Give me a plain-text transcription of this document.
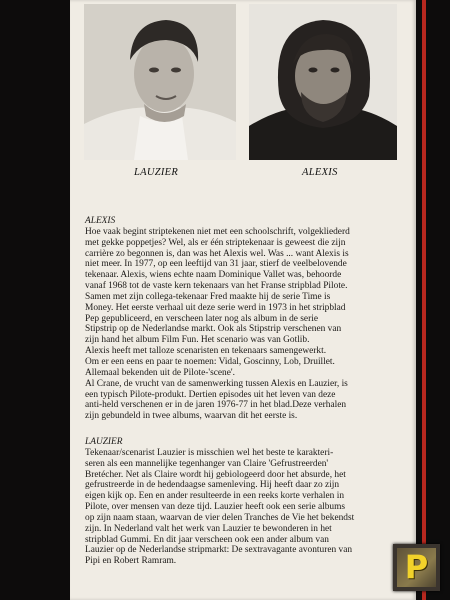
LAUZIER	ALEXIS

ALEXIS

Hoe vaak begint striptekenen niet met een schoolschrift, volgekliederd

met gekke poppetjes? Wel, als er één striptekenaar is geweest die zijn

carrière zo begonnen is, dan was het Alexis wel. Was ... want Alexis is

niet meer. In 1977, op een leeftijd van 31 jaar, stierf de veelbelovende

tekenaar. Alexis, wiens echte naam Dominique Vallet was, behoorde

vanaf 1968 tot de vaste kern tekenaars van het Franse stripblad Pilote.

Samen met zijn collega-tekenaar Fred maakte hij de serie Time is

Money. Het eerste verhaal uit deze serie werd in 1973 in het stripblad

Pep gepubliceerd, en verscheen later nog als album in de serie

Stipstrip op de Nederlandse markt. Ook als Stipstrip verschenen van

zijn hand het album Film Fun. Het scenario was van Gotlib.

Alexis heeft met talloze scenaristen en tekenaars samengewerkt.

Om er een eens en paar te noemen: Vidal, Goscinny, Lob, Druillet.

Allemaal bekenden uit de Pilote-'scene'.

Al Crane, de vrucht van de samenwerking tussen Alexis en Lauzier, is

een typisch Pilote-produkt. Dertien episodes uit het leven van deze

anti-held verschenen er in de jaren 1976-77 in het blad.Deze verhalen

zijn gebundeld in twee albums, waarvan dit het eerste is.

LAUZIER

Tekenaar/scenarist Lauzier is misschien wel het beste te karakteri-

seren als een mannelijke tegenhanger van Claire 'Gefrustreerden'

Bretécher. Net als Claire wordt hij gebiologeerd door het absurde, het

gefrustreerde in de hedendaagse samenleving. Hij heeft daar zo zijn

eigen kijk op. Een en ander resulteerde in een reeks korte verhalen in

Pilote, over mensen van deze tijd. Lauzier heeft ook een serie albums

op zijn naam staan, waarvan de vier delen Tranches de Vie het bekendst

zijn. In Nederland valt het werk van Lauzier te bewonderen in het

stripblad Gummi. En dit jaar verscheen ook een ander album van

Lauzier op de Nederlandse stripmarkt: De sextravagante avonturen van

Pipi en Robert Ramram.	P
